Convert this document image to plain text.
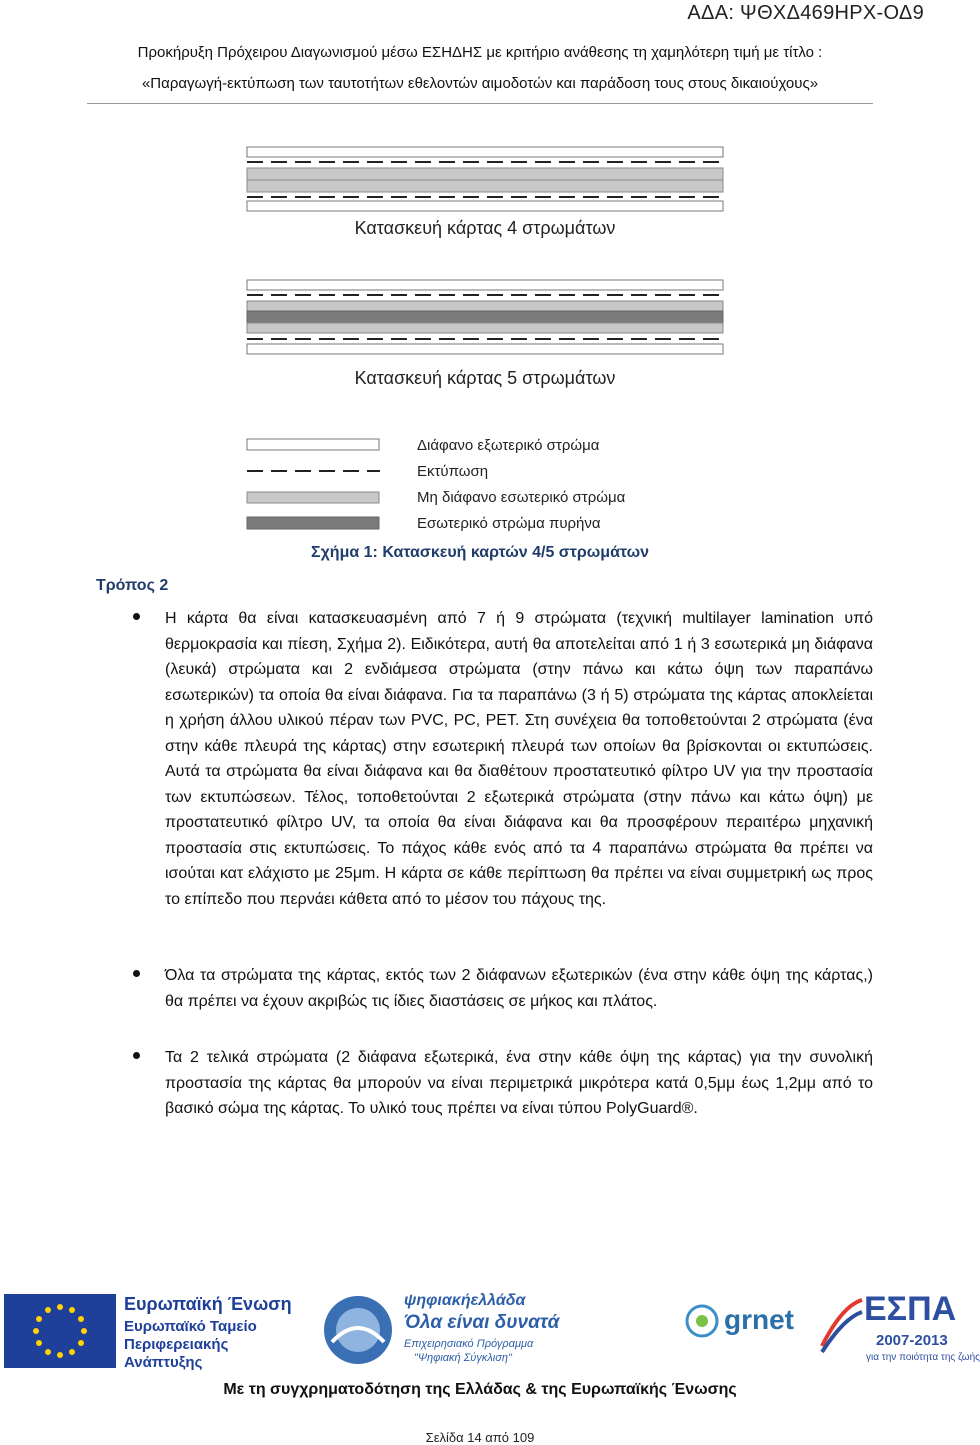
ΑΔΑ: ΨΘΧΔ469ΗΡΧ-ΟΔ9
Προκήρυξη Πρόχειρου Διαγωνισμού μέσω ΕΣΗΔΗΣ με κριτήριο ανάθεσης τη χαμηλότερη τιμή με τίτλο :
«Παραγωγή-εκτύπωση των ταυτοτήτων εθελοντών αιμοδοτών και παράδοση τους στους δικαιούχους»
Κατασκευή κάρτας 4 στρωμάτων
Κατασκευή κάρτας 5 στρωμάτων
Διάφανο εξωτερικό στρώμα
Εκτύπωση
Μη διάφανο εσωτερικό στρώμα
Εσωτερικό στρώμα πυρήνα
Σχήμα 1: Κατασκευή καρτών 4/5 στρωμάτων
Τρόπος 2
Η κάρτα θα είναι κατασκευασμένη από 7 ή 9 στρώματα (τεχνική multilayer lamination υπό θερμοκρασία και πίεση, Σχήμα 2). Ειδικότερα, αυτή θα αποτελείται από 1 ή 3 εσωτερικά μη διάφανα (λευκά) στρώματα και 2 ενδιάμεσα στρώματα (στην πάνω και κάτω όψη των παραπάνω εσωτερικών) τα οποία θα είναι διάφανα. Για τα παραπάνω (3 ή 5) στρώματα της κάρτας αποκλείεται η χρήση άλλου υλικού πέραν των PVC, PC, PET. Στη συνέχεια θα τοποθετούνται 2 στρώματα (ένα στην κάθε πλευρά της κάρτας) στην εσωτερική πλευρά των οποίων θα βρίσκονται οι εκτυπώσεις. Αυτά τα στρώματα θα είναι διάφανα και θα διαθέτουν προστατευτικό φίλτρο UV για την προστασία των εκτυπώσεων. Τέλος, τοποθετούνται 2 εξωτερικά στρώματα (στην πάνω και κάτω όψη) με προστατευτικό φίλτρο UV, τα οποία θα είναι διάφανα και θα προσφέρουν περαιτέρω μηχανική προστασία στις εκτυπώσεις. Το πάχος κάθε ενός από τα 4 παραπάνω στρώματα θα πρέπει να ισούται κατ ελάχιστο με 25μm. Η κάρτα σε κάθε περίπτωση θα πρέπει να είναι συμμετρική ως προς το επίπεδο που περνάει κάθετα από το μέσον του πάχους της.
Όλα τα στρώματα της κάρτας, εκτός των 2 διάφανων εξωτερικών (ένα στην κάθε όψη της κάρτας,) θα πρέπει να έχουν ακριβώς τις ίδιες διαστάσεις σε μήκος και πλάτος.
Τα 2 τελικά στρώματα (2 διάφανα εξωτερικά, ένα στην κάθε όψη της κάρτας) για την συνολική προστασία της κάρτας θα μπορούν να είναι περιμετρικά μικρότερα κατά 0,5μμ έως 1,2μμ από το βασικό σώμα της κάρτας. Το υλικό τους πρέπει να είναι τύπου PolyGuard®.
Ευρωπαϊκή Ένωση
Ευρωπαϊκό Ταμείο
Περιφερειακής
Ανάπτυξης
ψηφιακήελλάδα
Όλα είναι δυνατά
Επιχειρησιακό Πρόγραμμα
"Ψηφιακή Σύγκλιση"
grnet ΕΣΠΑ
2007-2013
για την ποιότητα της ζωής
Με τη συγχρηματοδότηση της Ελλάδας & της Ευρωπαϊκής Ένωσης
Σελίδα 14 από 109
